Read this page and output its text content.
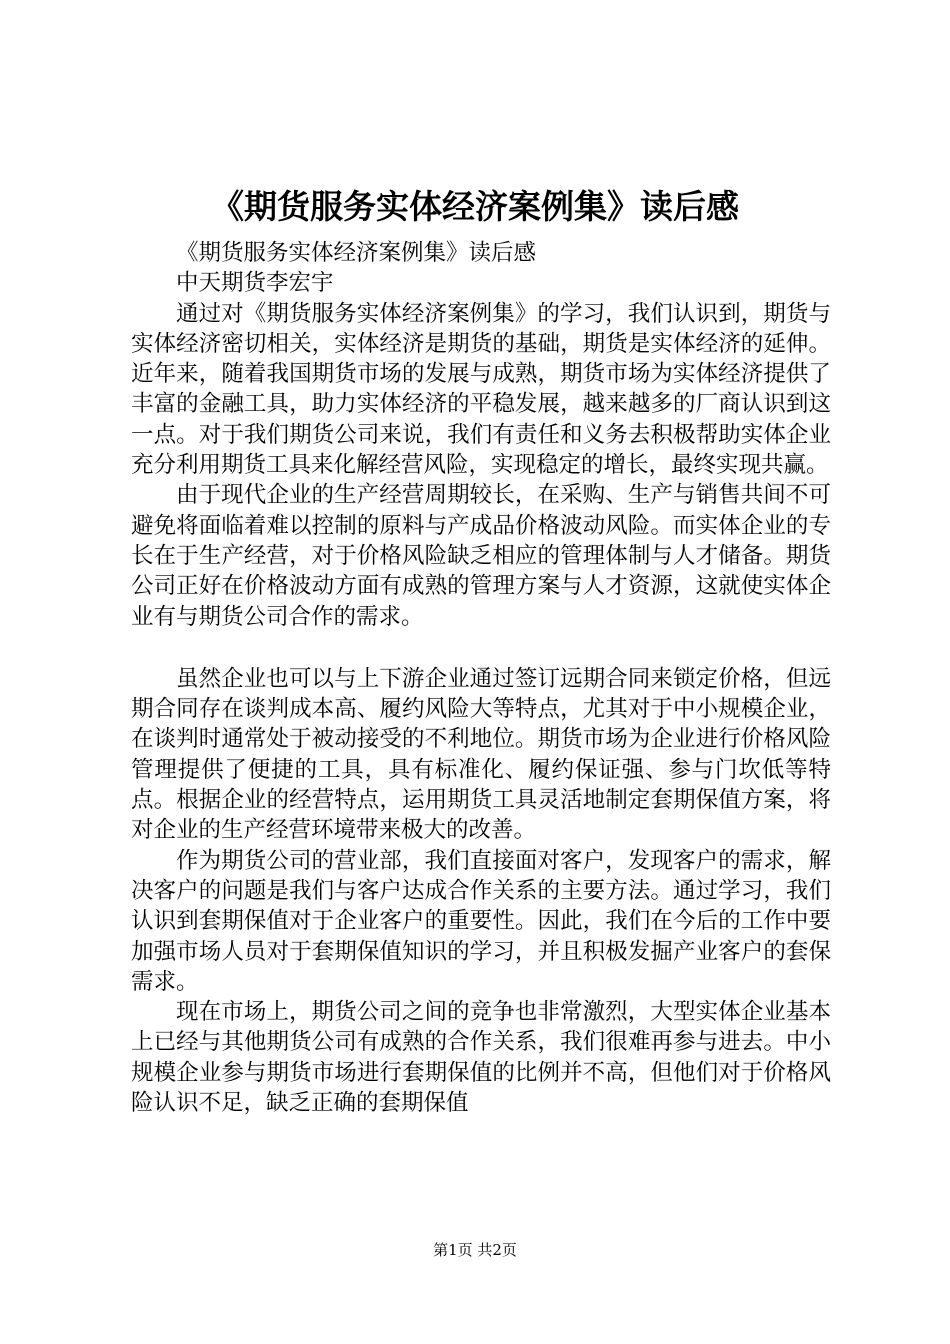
《期货服务实体经济案例集》读后感

《期货服务实体经济案例集》读后感

中天期货李宏宇

通过对《期货服务实体经济案例集》的学习，我们认识到，期货与实体经济密切相关，实体经济是期货的基础，期货是实体经济的延伸。近年来，随着我国期货市场的发展与成熟，期货市场为实体经济提供了丰富的金融工具，助力实体经济的平稳发展，越来越多的厂商认识到这一点。对于我们期货公司来说，我们有责任和义务去积极帮助实体企业充分利用期货工具来化解经营风险，实现稳定的增长，最终实现共赢。

由于现代企业的生产经营周期较长，在采购、生产与销售共间不可避免将面临着难以控制的原料与产成品价格波动风险。而实体企业的专长在于生产经营，对于价格风险缺乏相应的管理体制与人才储备。期货公司正好在价格波动方面有成熟的管理方案与人才资源，这就使实体企业有与期货公司合作的需求。

虽然企业也可以与上下游企业通过签订远期合同来锁定价格，但远期合同存在谈判成本高、履约风险大等特点，尤其对于中小规模企业，在谈判时通常处于被动接受的不利地位。期货市场为企业进行价格风险管理提供了便捷的工具，具有标准化、履约保证强、参与门坎低等特点。根据企业的经营特点，运用期货工具灵活地制定套期保值方案，将对企业的生产经营环境带来极大的改善。

作为期货公司的营业部，我们直接面对客户，发现客户的需求，解决客户的问题是我们与客户达成合作关系的主要方法。通过学习，我们认识到套期保值对于企业客户的重要性。因此，我们在今后的工作中要加强市场人员对于套期保值知识的学习，并且积极发掘产业客户的套保需求。

现在市场上，期货公司之间的竞争也非常激烈，大型实体企业基本上已经与其他期货公司有成熟的合作关系，我们很难再参与进去。中小规模企业参与期货市场进行套期保值的比例并不高，但他们对于价格风险认识不足，缺乏正确的套期保值

第1页 共2页
